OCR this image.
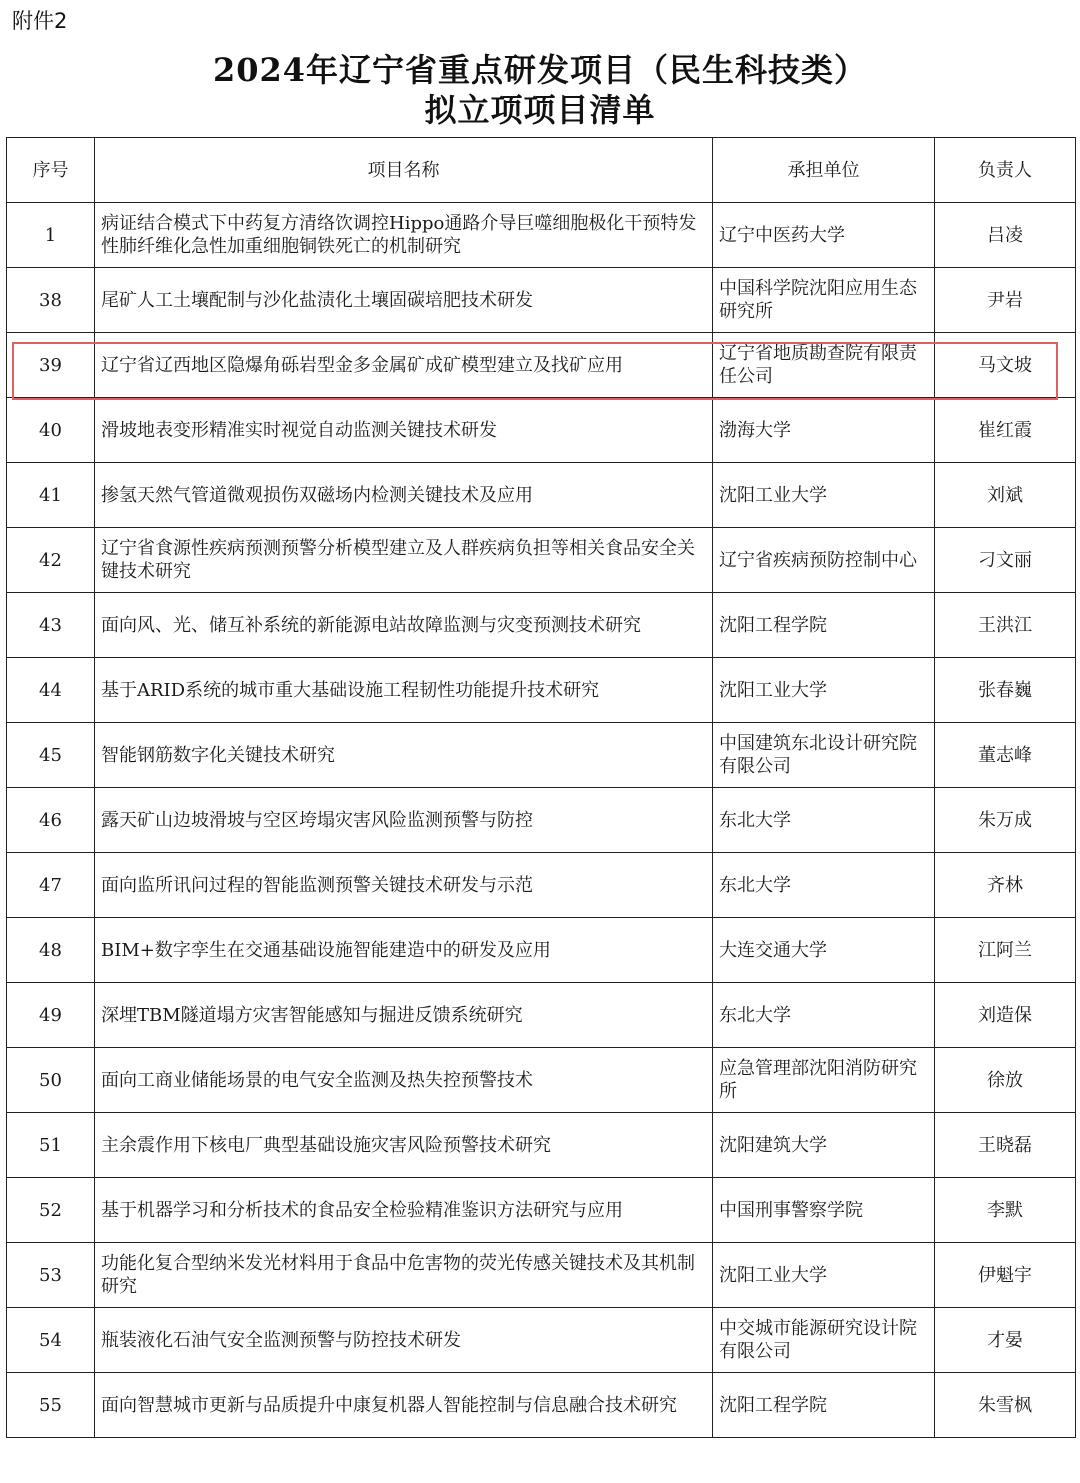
附件2
2024年辽宁省重点研发项目（民生科技类）
拟立项项目清单
序号	项目名称	承担单位	负责人
1	病证结合模式下中药复方清络饮调控Hippo通路介导巨噬细胞极化干预特发性肺纤维化急性加重细胞铜铁死亡的机制研究	辽宁中医药大学	吕凌
38	尾矿人工土壤配制与沙化盐渍化土壤固碳培肥技术研发	中国科学院沈阳应用生态研究所	尹岩
39	辽宁省辽西地区隐爆角砾岩型金多金属矿成矿模型建立及找矿应用	辽宁省地质勘查院有限责任公司	马文坡
40	滑坡地表变形精准实时视觉自动监测关键技术研发	渤海大学	崔红霞
41	掺氢天然气管道微观损伤双磁场内检测关键技术及应用	沈阳工业大学	刘斌
42	辽宁省食源性疾病预测预警分析模型建立及人群疾病负担等相关食品安全关键技术研究	辽宁省疾病预防控制中心	刁文丽
43	面向风、光、储互补系统的新能源电站故障监测与灾变预测技术研究	沈阳工程学院	王洪江
44	基于ARID系统的城市重大基础设施工程韧性功能提升技术研究	沈阳工业大学	张春巍
45	智能钢筋数字化关键技术研究	中国建筑东北设计研究院有限公司	董志峰
46	露天矿山边坡滑坡与空区垮塌灾害风险监测预警与防控	东北大学	朱万成
47	面向监所讯问过程的智能监测预警关键技术研发与示范	东北大学	齐林
48	BIM+数字孪生在交通基础设施智能建造中的研发及应用	大连交通大学	江阿兰
49	深埋TBM隧道塌方灾害智能感知与掘进反馈系统研究	东北大学	刘造保
50	面向工商业储能场景的电气安全监测及热失控预警技术	应急管理部沈阳消防研究所	徐放
51	主余震作用下核电厂典型基础设施灾害风险预警技术研究	沈阳建筑大学	王晓磊
52	基于机器学习和分析技术的食品安全检验精准鉴识方法研究与应用	中国刑事警察学院	李默
53	功能化复合型纳米发光材料用于食品中危害物的荧光传感关键技术及其机制研究	沈阳工业大学	伊魁宇
54	瓶装液化石油气安全监测预警与防控技术研发	中交城市能源研究设计院有限公司	才晏
55	面向智慧城市更新与品质提升中康复机器人智能控制与信息融合技术研究	沈阳工程学院	朱雪枫
